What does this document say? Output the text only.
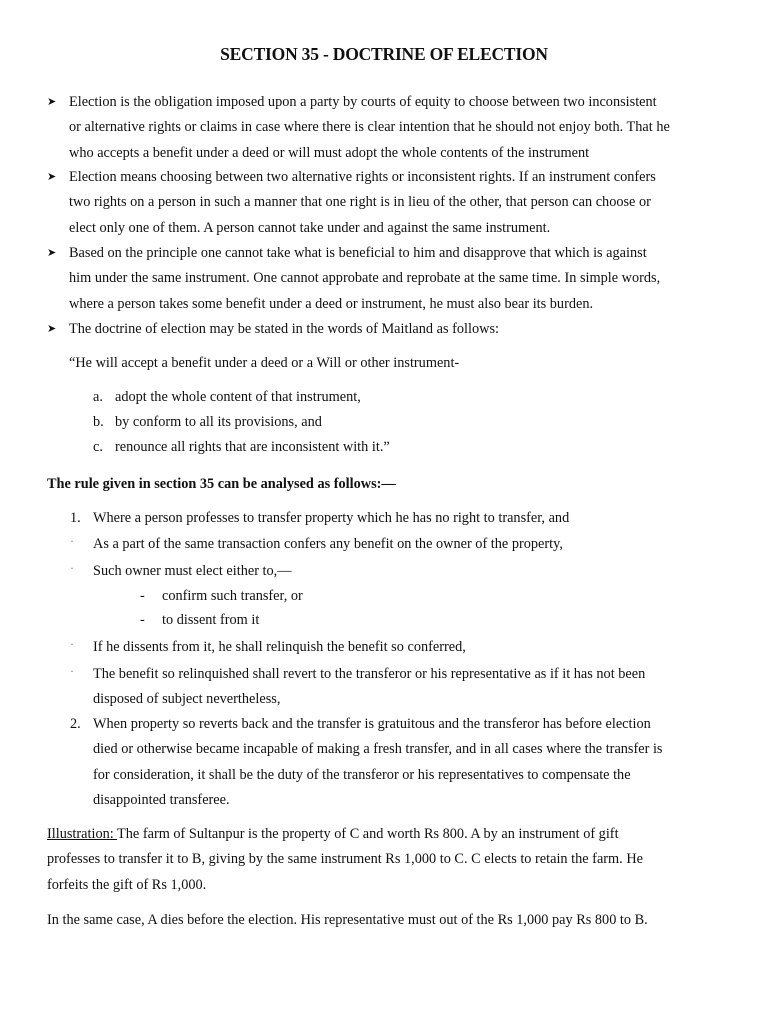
SECTION 35 - DOCTRINE OF ELECTION
➤ Election is the obligation imposed upon a party by courts of equity to choose between two inconsistent
or alternative rights or claims in case where there is clear intention that he should not enjoy both. That he
who accepts a benefit under a deed or will must adopt the whole contents of the instrument
➤ Election means choosing between two alternative rights or inconsistent rights. If an instrument confers
two rights on a person in such a manner that one right is in lieu of the other, that person can choose or
elect only one of them. A person cannot take under and against the same instrument.
➤ Based on the principle one cannot take what is beneficial to him and disapprove that which is against
him under the same instrument. One cannot approbate and reprobate at the same time. In simple words,
where a person takes some benefit under a deed or instrument, he must also bear its burden.
➤ The doctrine of election may be stated in the words of Maitland as follows:
“He will accept a benefit under a deed or a Will or other instrument-
a. adopt the whole content of that instrument,
b. by conform to all its provisions, and
c. renounce all rights that are inconsistent with it.”
The rule given in section 35 can be analysed as follows:—
1. Where a person professes to transfer property which he has no right to transfer, and
· As a part of the same transaction confers any benefit on the owner of the property,
· Such owner must elect either to,—
- confirm such transfer, or
- to dissent from it
· If he dissents from it, he shall relinquish the benefit so conferred,
· The benefit so relinquished shall revert to the transferor or his representative as if it has not been
disposed of subject nevertheless,
2. When property so reverts back and the transfer is gratuitous and the transferor has before election
died or otherwise became incapable of making a fresh transfer, and in all cases where the transfer is
for consideration, it shall be the duty of the transferor or his representatives to compensate the
disappointed transferee.
Illustration: The farm of Sultanpur is the property of C and worth Rs 800. A by an instrument of gift
professes to transfer it to B, giving by the same instrument Rs 1,000 to C. C elects to retain the farm. He
forfeits the gift of Rs 1,000.
In the same case, A dies before the election. His representative must out of the Rs 1,000 pay Rs 800 to B.
